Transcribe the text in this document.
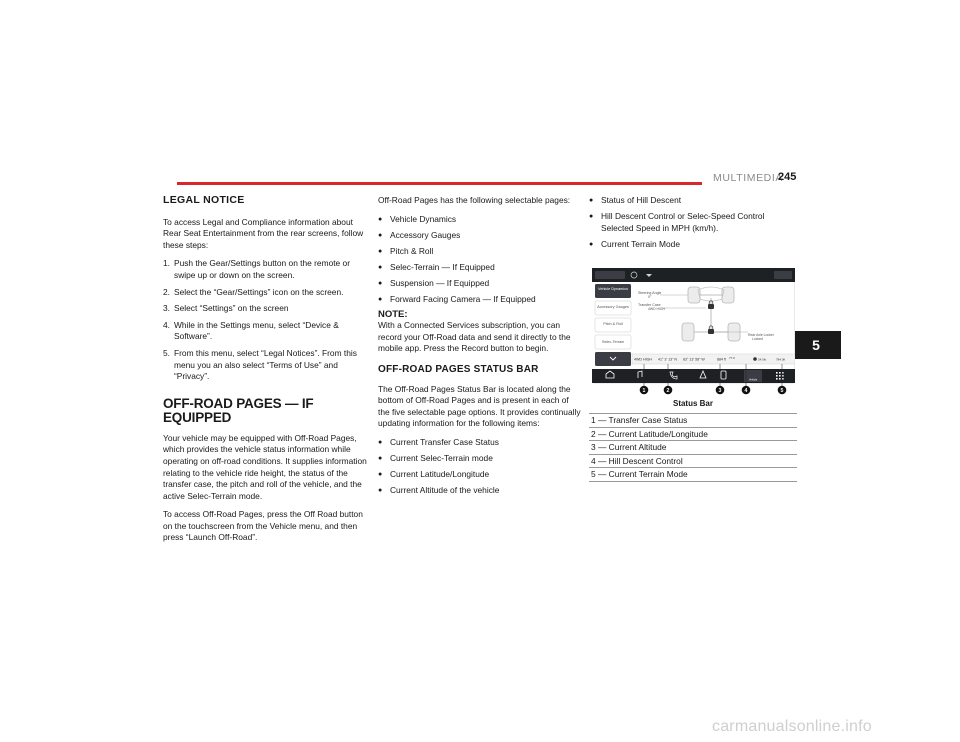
MULTIMEDIA
245
5
LEGAL NOTICE

To access Legal and Compliance information about Rear Seat Entertainment from the rear screens, follow these steps:

1. Push the Gear/Settings button on the remote or swipe up or down on the screen.
2. Select the “Gear/Settings” icon on the screen.
3. Select “Settings” on the screen
4. While in the Settings menu, select “Device & Software”.
5. From this menu, select “Legal Notices”. From this menu you an also select “Terms of Use” and “Privacy”.
OFF-ROAD PAGES — IF EQUIPPED

Your vehicle may be equipped with Off-Road Pages, which provides the vehicle status information while operating on off-road conditions. It supplies information relating to the vehicle ride height, the status of the transfer case, the pitch and roll of the vehicle, and the active Selec-Terrain mode.

To access Off-Road Pages, press the Off Road button on the touchscreen from the Vehicle menu, and then press “Launch Off-Road”.

Off-Road Pages has the following selectable pages:

● Vehicle Dynamics
● Accessory Gauges
● Pitch & Roll
● Selec-Terrain — If Equipped
● Suspension — If Equipped
● Forward Facing Camera — If Equipped
NOTE:

With a Connected Services subscription, you can record your Off-Road data and send it directly to the mobile app. Press the Record button to begin.

OFF-ROAD PAGES STATUS BAR

The Off-Road Pages Status Bar is located along the bottom of Off-Road Pages and is present in each of the five selectable page options. It provides continually updating information for the following items:

● Current Transfer Case Status
● Current Selec-Terrain mode
● Current Latitude/Longitude
● Current Altitude of the vehicle
● Status of Hill Descent
● Hill Descent Control or Selec-Speed Control Selected Speed in MPH (km/h).
● Current Terrain Mode
Vehicle Dynamics
Accessory Gauges
Pitch & Roll
Selec-Terrain
Steering Angle
0°
Transfer Case
4WD HIGH
Rear Axle Locker
Locked
4WD HIGH 41° 3' 13" N 83° 13' 58" W	884 ft 77.0	24.5kt	784.0ft
Vehicle
1	2	3	4	5
Status Bar
1 — Transfer Case Status
2 — Current Latitude/Longitude
3 — Current Altitude
4 — Hill Descent Control
5 — Current Terrain Mode
carmanualsonline.info
